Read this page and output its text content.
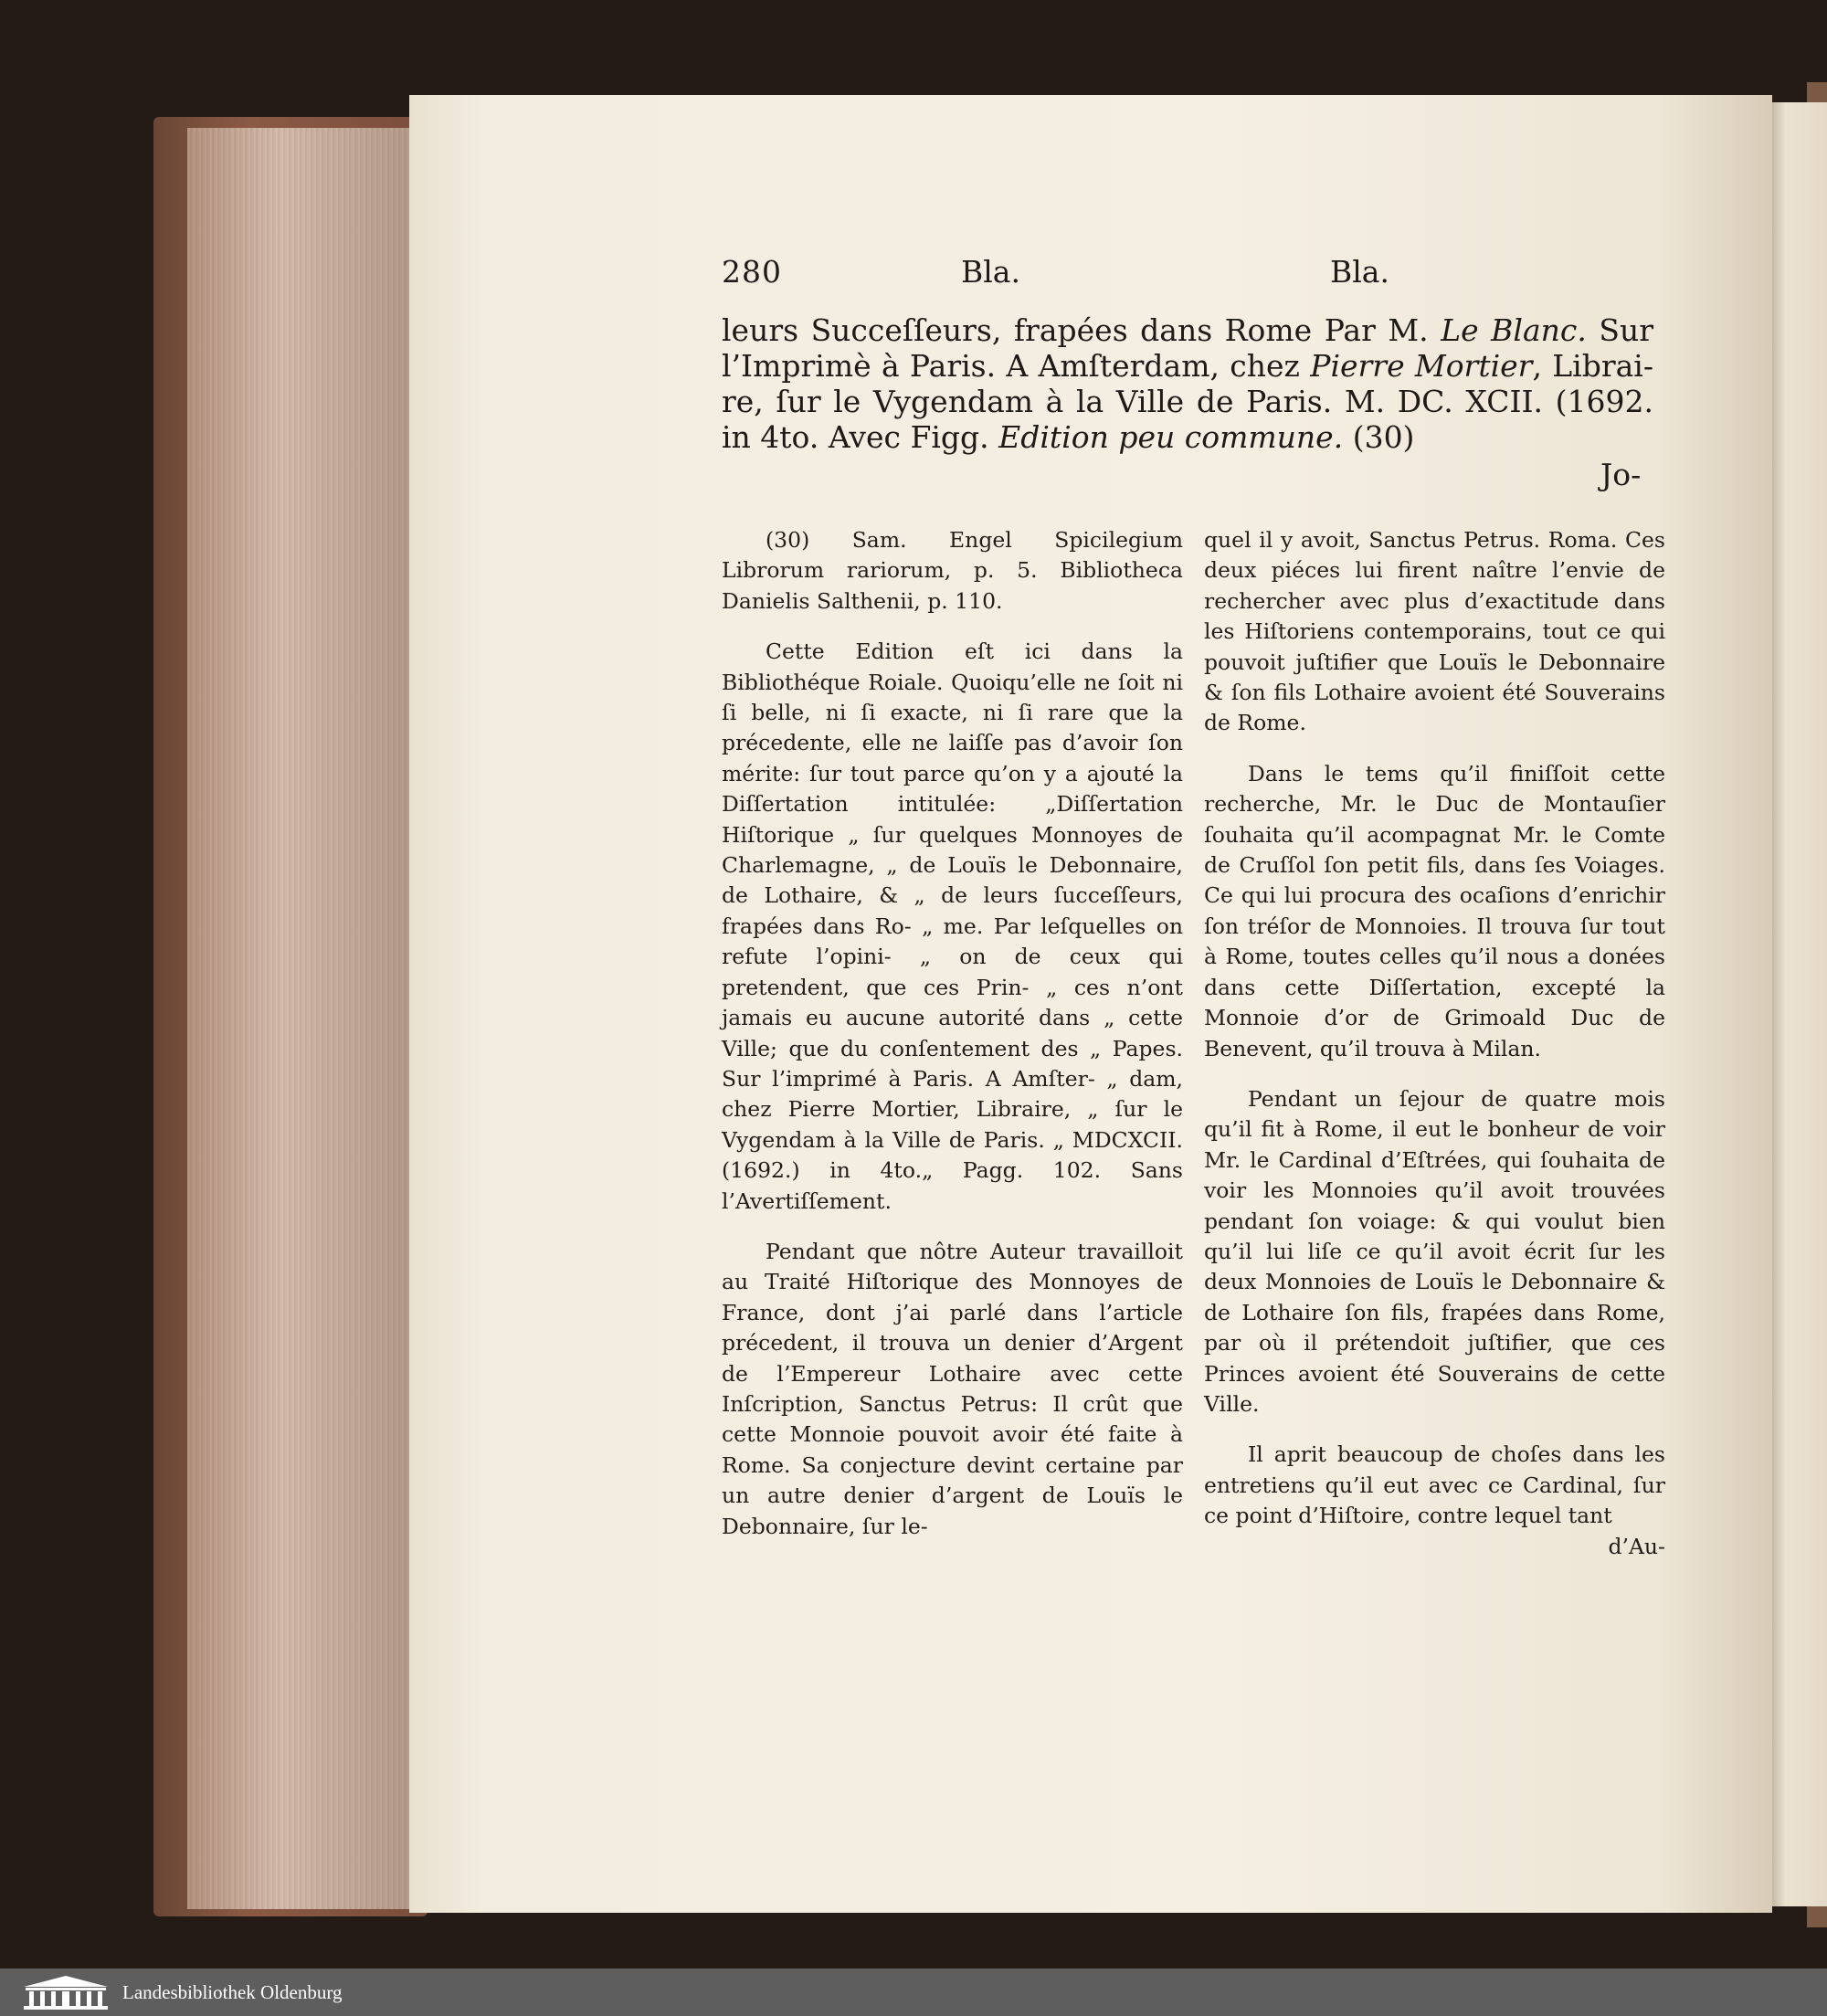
280	Bla.	Bla.
leurs Succeſſeurs, frapées dans Rome Par M. Le Blanc. Sur
l’Imprimè à Paris. A Amſterdam, chez Pierre Mortier, Librai-
re, ſur le Vygendam à la Ville de Paris. M. DC. XCII. (1692.
in 4to. Avec Figg. Edition peu commune. (30)
Jo-

(30) Sam. Engel Spicilegium Librorum rariorum, p. 5. Bibliotheca Danielis Salthenii, p. 110.

Cette Edition eſt ici dans la Bibliothéque Roiale. Quoiqu’elle ne ſoit ni ſi belle, ni ſi exacte, ni ſi rare que la précedente, elle ne laiſſe pas d’avoir ſon mérite: ſur tout parce qu’on y a ajouté la Diſſertation intitulée: „Diſſertation Hiſtorique „ ſur quelques Monnoyes de Charlemagne, „ de Louïs le Debonnaire, de Lothaire, & „ de leurs ſucceſſeurs, frapées dans Ro- „ me. Par leſquelles on refute l’opini- „ on de ceux qui pretendent, que ces Prin- „ ces n’ont jamais eu aucune autorité dans „ cette Ville; que du conſentement des „ Papes. Sur l’imprimé à Paris. A Amſter- „ dam, chez Pierre Mortier, Libraire, „ ſur le Vygendam à la Ville de Paris. „ MDCXCII. (1692.) in 4to.„ Pagg. 102. Sans l’Avertiſſement.

Pendant que nôtre Auteur travailloit au Traité Hiſtorique des Monnoyes de France, dont j’ai parlé dans l’article précedent, il trouva un denier d’Argent de l’Empereur Lothaire avec cette Inſcription, Sanctus Petrus: Il crût que cette Monnoie pouvoit avoir été faite à Rome. Sa conjecture devint certaine par un autre denier d’argent de Louïs le Debonnaire, ſur le-

quel il y avoit, Sanctus Petrus. Roma. Ces deux piéces lui firent naître l’envie de rechercher avec plus d’exactitude dans les Hiſtoriens contemporains, tout ce qui pouvoit juſtifier que Louïs le Debonnaire & ſon fils Lothaire avoient été Souverains de Rome.

Dans le tems qu’il finiſſoit cette recherche, Mr. le Duc de Montauſier ſouhaita qu’il acompagnat Mr. le Comte de Cruſſol ſon petit fils, dans ſes Voiages. Ce qui lui procura des ocaſions d’enrichir ſon tréſor de Monnoies. Il trouva ſur tout à Rome, toutes celles qu’il nous a donées dans cette Diſſertation, excepté la Monnoie d’or de Grimoald Duc de Benevent, qu’il trouva à Milan.

Pendant un ſejour de quatre mois qu’il fit à Rome, il eut le bonheur de voir Mr. le Cardinal d’Eſtrées, qui ſouhaita de voir les Monnoies qu’il avoit trouvées pendant ſon voiage: & qui voulut bien qu’il lui liſe ce qu’il avoit écrit ſur les deux Monnoies de Louïs le Debonnaire & de Lothaire ſon fils, frapées dans Rome, par où il prétendoit juſtifier, que ces Princes avoient été Souverains de cette Ville.

Il aprit beaucoup de choſes dans les entretiens qu’il eut avec ce Cardinal, ſur ce point d’Hiſtoire, contre lequel tant

d’Au-

Landesbibliothek Oldenburg
